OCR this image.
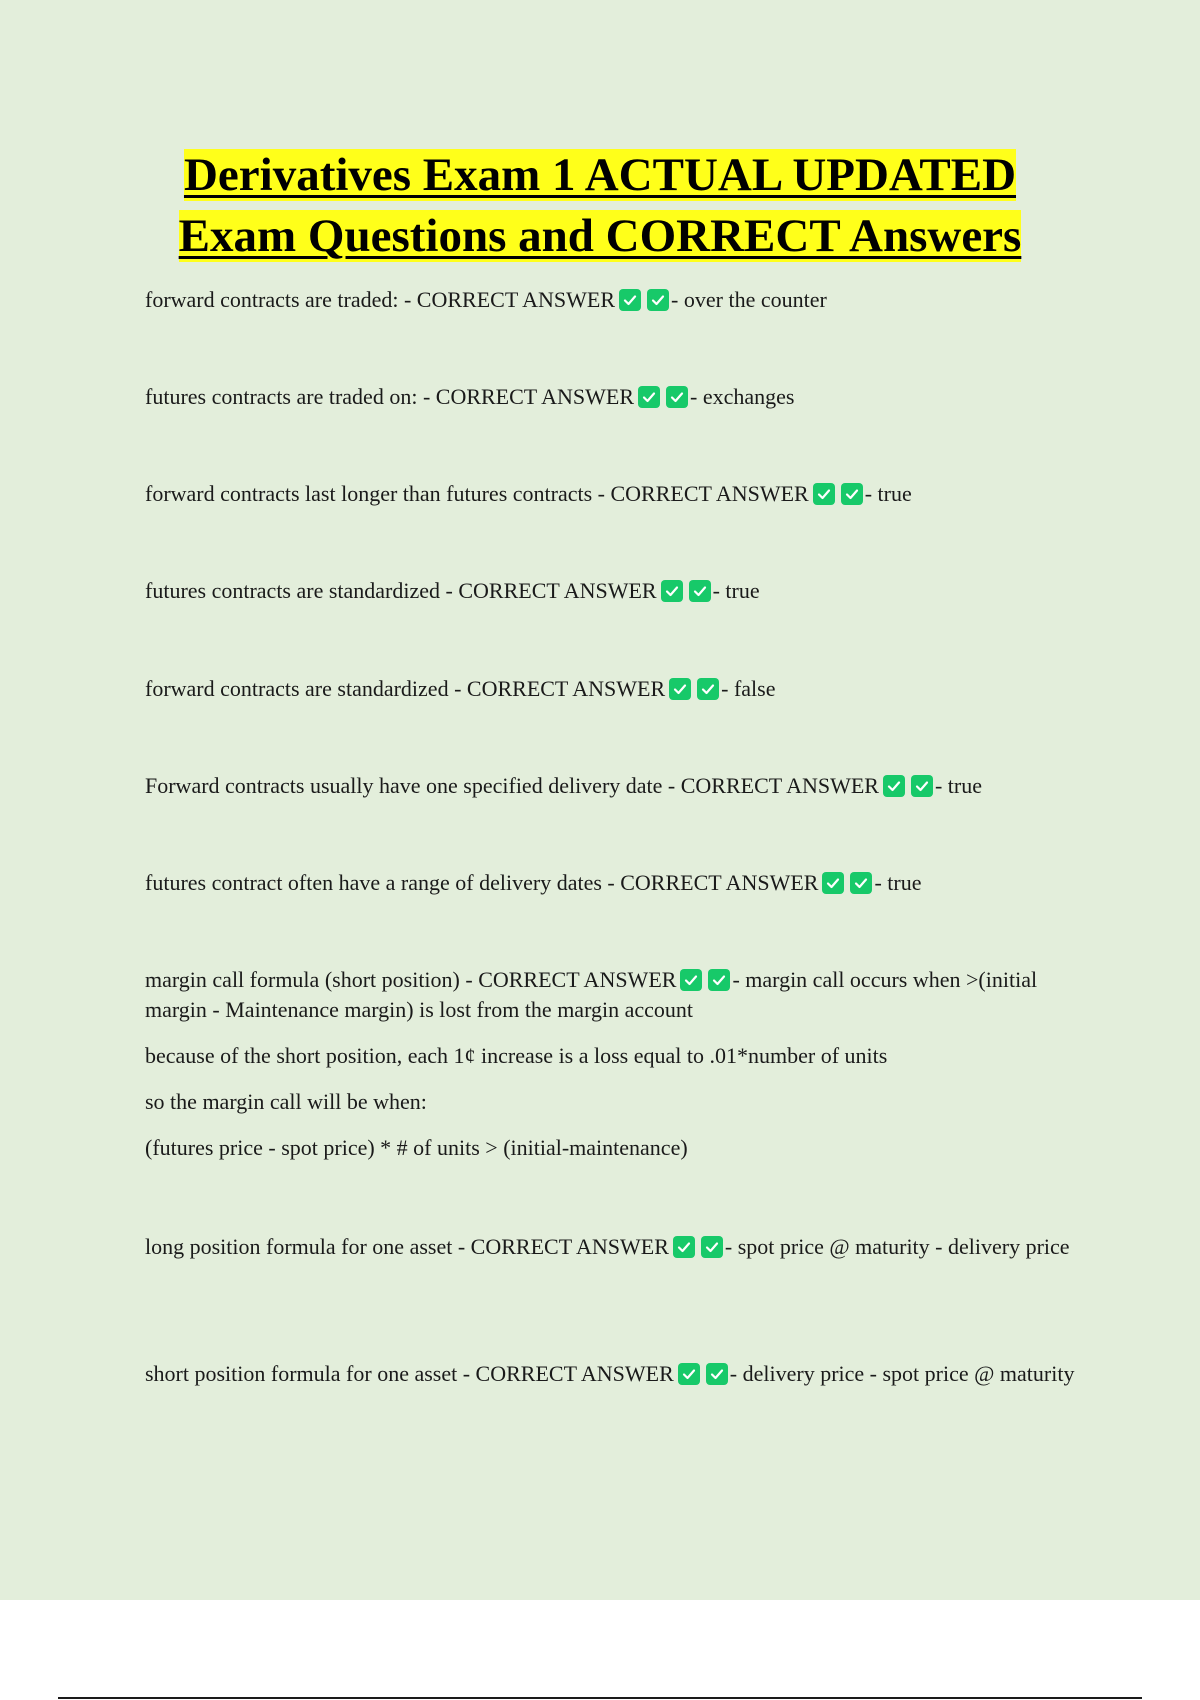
Derivatives Exam 1 ACTUAL UPDATED
Exam Questions and CORRECT Answers
forward contracts are traded: - CORRECT ANSWER	- over the counter
futures contracts are traded on: - CORRECT ANSWER	- exchanges
forward contracts last longer than futures contracts - CORRECT ANSWER	- true
futures contracts are standardized - CORRECT ANSWER	- true
forward contracts are standardized - CORRECT ANSWER	- false
Forward contracts usually have one specified delivery date - CORRECT ANSWER	- true
futures contract often have a range of delivery dates - CORRECT ANSWER	- true
margin call formula (short position) - CORRECT ANSWER	- margin call occurs when >(initial margin - Maintenance margin) is lost from the margin account
because of the short position, each 1¢ increase is a loss equal to .01*number of units
so the margin call will be when:
(futures price - spot price) * # of units > (initial-maintenance)
long position formula for one asset - CORRECT ANSWER	- spot price @ maturity - delivery price
short position formula for one asset - CORRECT ANSWER	- delivery price - spot price @ maturity
